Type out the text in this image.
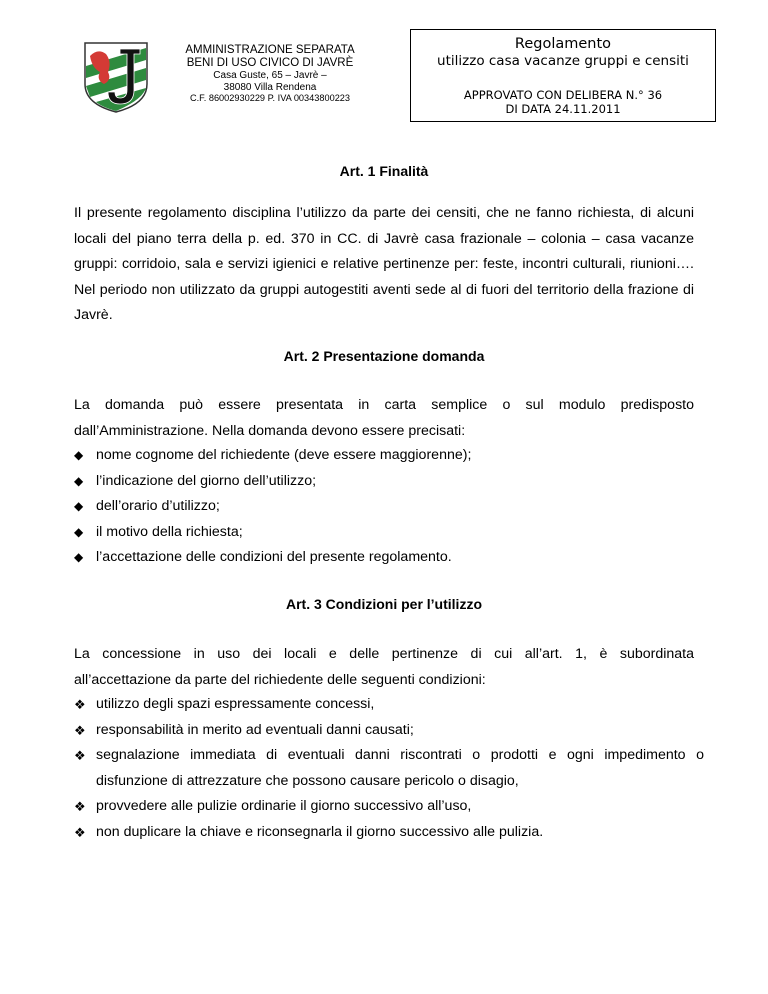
AMMINISTRAZIONE SEPARATA
BENI DI USO CIVICO DI JAVRÈ
Casa Guste, 65 – Javrè –
38080 Villa Rendena
C.F. 86002930229 P. IVA 00343800223
Regolamento
utilizzo casa vacanze gruppi e censiti
APPROVATO CON DELIBERA N.° 36
DI DATA 24.11.2011
Art. 1 Finalità

Il presente regolamento disciplina l’utilizzo da parte dei censiti, che ne fanno richiesta, di alcuni locali del piano terra della p. ed. 370 in CC. di Javrè casa frazionale – colonia – casa vacanze gruppi: corridoio, sala e servizi igienici e relative pertinenze per: feste, incontri culturali, riunioni…. Nel periodo non utilizzato da gruppi autogestiti aventi sede al di fuori del territorio della frazione di Javrè.

Art. 2 Presentazione domanda
La domanda può essere presentata in carta semplice o sul modulo predisposto
dall’Amministrazione. Nella domanda devono essere precisati:
◆ nome cognome del richiedente (deve essere maggiorenne);
◆ l’indicazione del giorno dell’utilizzo;
◆ dell’orario d’utilizzo;
◆ il motivo della richiesta;
◆ l’accettazione delle condizioni del presente regolamento.
Art. 3 Condizioni per l’utilizzo
La concessione in uso dei locali e delle pertinenze di cui all’art. 1, è subordinata
all’accettazione da parte del richiedente delle seguenti condizioni:
❖ utilizzo degli spazi espressamente concessi,
❖ responsabilità in merito ad eventuali danni causati;
❖ segnalazione immediata di eventuali danni riscontrati o prodotti e ogni impedimento o disfunzione di attrezzature che possono causare pericolo o disagio,
❖ provvedere alle pulizie ordinarie il giorno successivo all’uso,
❖ non duplicare la chiave e riconsegnarla il giorno successivo alle pulizia.
